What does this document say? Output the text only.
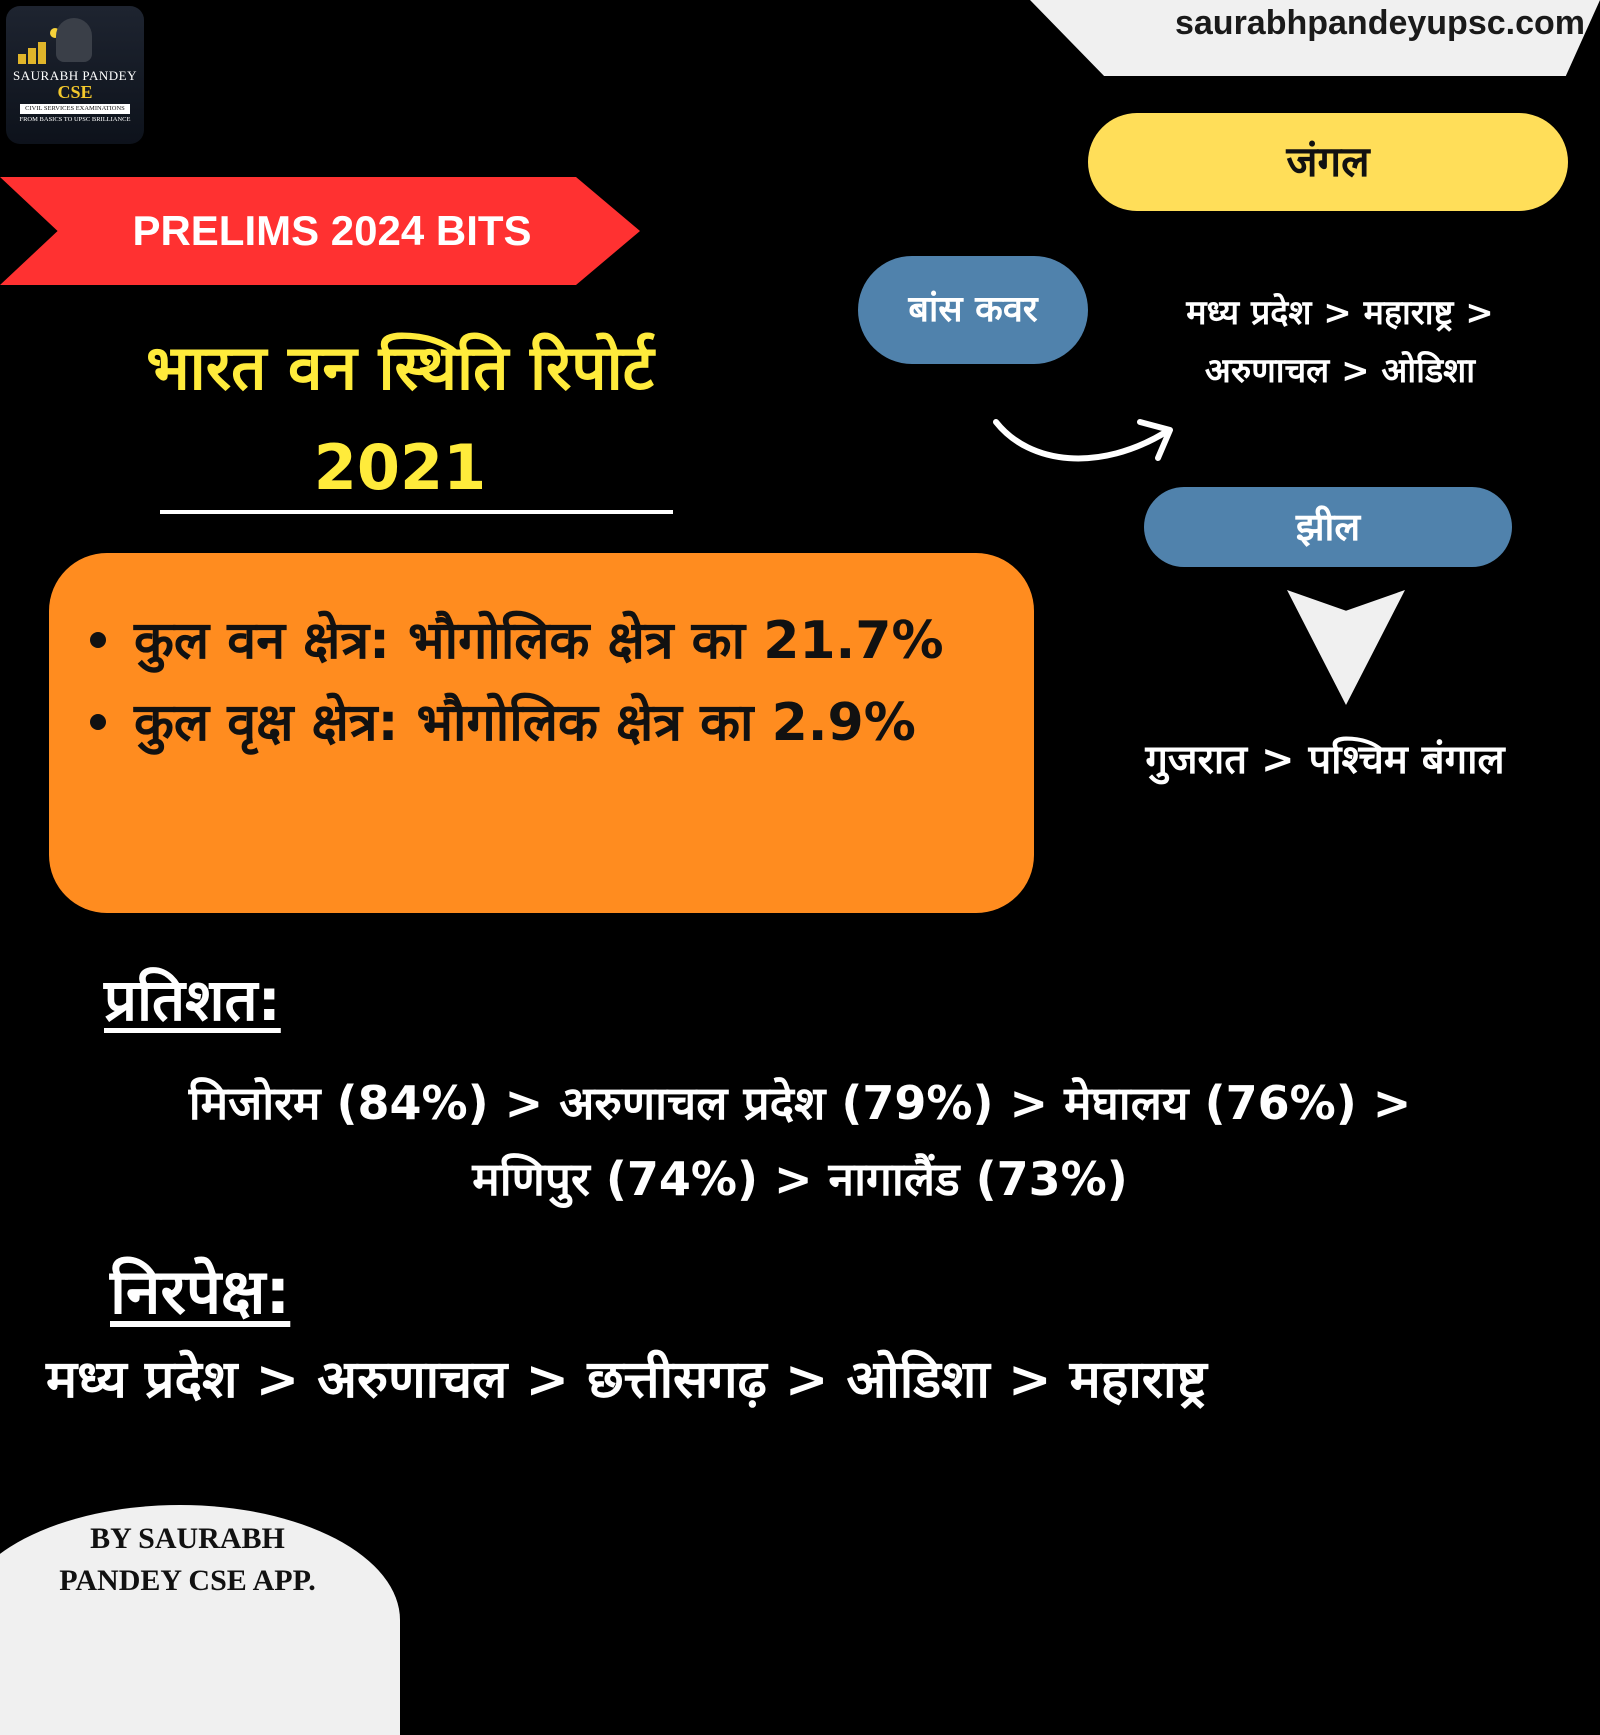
SAURABH PANDEY
CSE
CIVIL SERVICES EXAMINATIONS
FROM BASICS TO UPSC BRILLIANCE
saurabhpandeyupsc.com
PRELIMS 2024 BITS
भारत वन स्थिति रिपोर्ट
2021
कुल वन क्षेत्र: भौगोलिक क्षेत्र का 21.7%
कुल वृक्ष क्षेत्र: भौगोलिक क्षेत्र का 2.9%
प्रतिशत:
मिजोरम (84%) > अरुणाचल प्रदेश (79%) > मेघालय (76%) >
मणिपुर (74%) > नागालैंड (73%)
निरपेक्ष:
मध्य प्रदेश > अरुणाचल > छत्तीसगढ़ > ओडिशा > महाराष्ट्र
जंगल
बांस कवर	मध्य प्रदेश > महाराष्ट्र >
अरुणाचल > ओडिशा
झील
गुजरात > पश्चिम बंगाल
BY SAURABH
PANDEY CSE APP.
